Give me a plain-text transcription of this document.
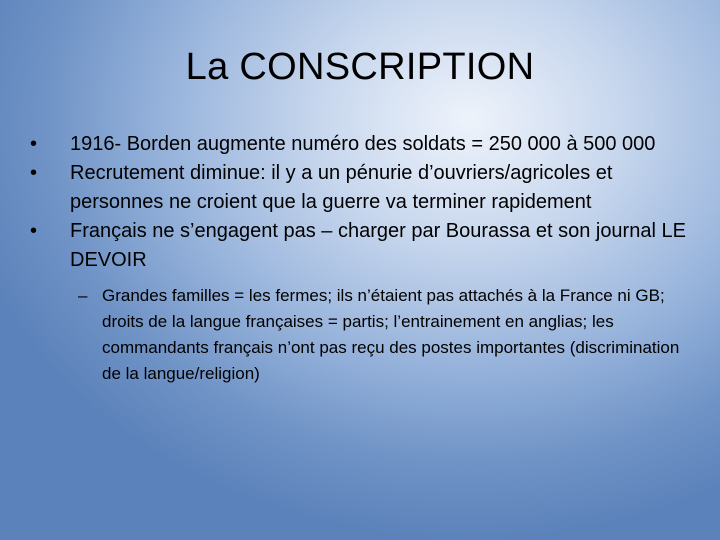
La CONSCRIPTION
•	1916- Borden augmente numéro des soldats = 250 000 à 500 000
•	Recrutement diminue: il y a un pénurie d’ouvriers/agricoles et personnes ne croient que la guerre va terminer rapidement
•	Français ne s’engagent pas – charger par Bourassa et son journal LE DEVOIR
– Grandes familles = les fermes; ils n’étaient pas attachés à la France ni GB; droits de la langue françaises = partis; l’entrainement en anglias; les commandants français n’ont pas reçu des postes importantes (discrimination de la langue/religion)
